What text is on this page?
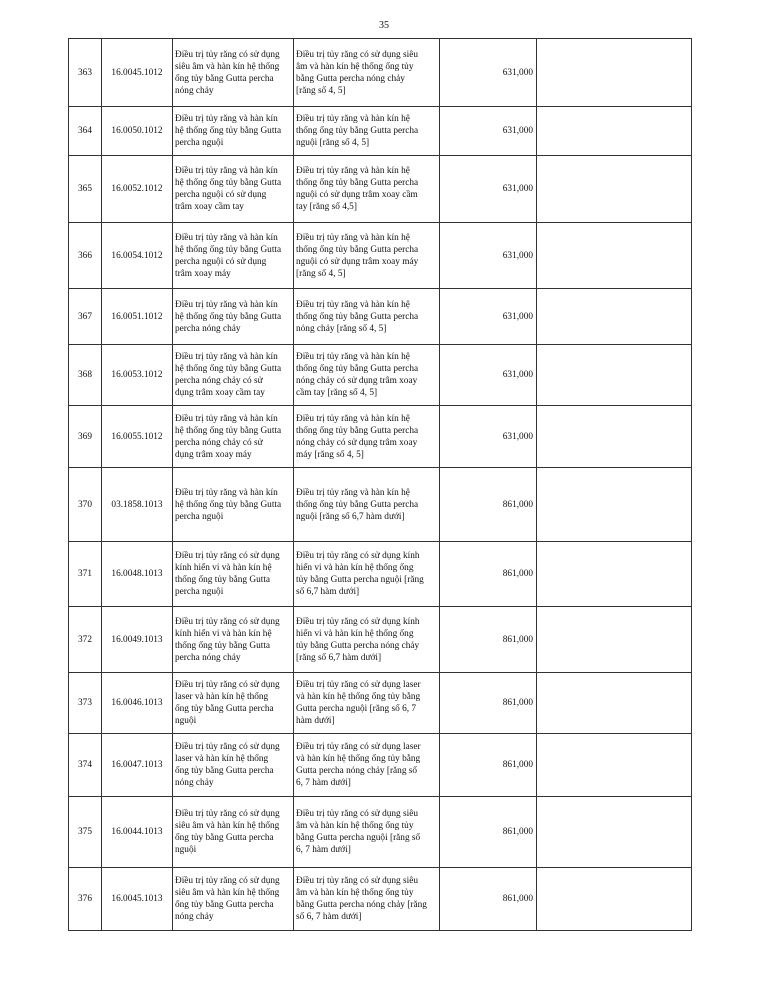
35
363	16.0045.1012	Điều trị tủy răng có sử dụng
siêu âm và hàn kín hệ thống
ống tủy bằng Gutta percha
nóng chảy	Điều trị tủy răng có sử dụng siêu
âm và hàn kín hệ thống ống tủy
bằng Gutta percha nóng chảy
[răng số 4, 5]	631,000	
364	16.0050.1012	Điều trị tủy răng và hàn kín
hệ thống ống tủy bằng Gutta
percha nguội	Điều trị tủy răng và hàn kín hệ
thống ống tủy bằng Gutta percha
nguội [răng số 4, 5]	631,000	
365	16.0052.1012	Điều trị tủy răng và hàn kín
hệ thống ống tủy bằng Gutta
percha nguội có sử dụng
trâm xoay cầm tay	Điều trị tủy răng và hàn kín hệ
thống ống tủy bằng Gutta percha
nguội có sử dụng trâm xoay cầm
tay [răng số 4,5]	631,000	
366	16.0054.1012	Điều trị tủy răng và hàn kín
hệ thống ống tủy bằng Gutta
percha nguội có sử dụng
trâm xoay máy	Điều trị tủy răng và hàn kín hệ
thống ống tủy bằng Gutta percha
nguội có sử dụng trâm xoay máy
[răng số 4, 5]	631,000	
367	16.0051.1012	Điều trị tủy răng và hàn kín
hệ thống ống tủy bằng Gutta
percha nóng chảy	Điều trị tủy răng và hàn kín hệ
thống ống tủy bằng Gutta percha
nóng chảy [răng số 4, 5]	631,000	
368	16.0053.1012	Điều trị tủy răng và hàn kín
hệ thống ống tủy bằng Gutta
percha nóng chảy có sử
dụng trâm xoay cầm tay	Điều trị tủy răng và hàn kín hệ
thống ống tủy bằng Gutta percha
nóng chảy có sử dụng trâm xoay
cầm tay [răng số 4, 5]	631,000	
369	16.0055.1012	Điều trị tủy răng và hàn kín
hệ thống ống tủy bằng Gutta
percha nóng chảy có sử
dụng trâm xoay máy	Điều trị tủy răng và hàn kín hệ
thống ống tủy bằng Gutta percha
nóng chảy có sử dụng trâm xoay
máy [răng số 4, 5]	631,000	
370	03.1858.1013	Điều trị tủy răng và hàn kín
hệ thống ống tủy bằng Gutta
percha nguội	Điều trị tủy răng và hàn kín hệ
thống ống tủy bằng Gutta percha
nguội [răng số 6,7 hàm dưới]	861,000	
371	16.0048.1013	Điều trị tủy răng có sử dụng
kính hiển vi và hàn kín hệ
thống ống tủy bằng Gutta
percha nguội	Điều trị tủy răng có sử dụng kính
hiển vi và hàn kín hệ thống ống
tủy bằng Gutta percha nguội [răng
số 6,7 hàm dưới]	861,000	
372	16.0049.1013	Điều trị tủy răng có sử dụng
kính hiển vi và hàn kín hệ
thống ống tủy bằng Gutta
percha nóng chảy	Điều trị tủy răng có sử dụng kính
hiển vi và hàn kín hệ thống ống
tủy bằng Gutta percha nóng chảy
[răng số 6,7 hàm dưới]	861,000	
373	16.0046.1013	Điều trị tủy răng có sử dụng
laser và hàn kín hệ thống
ống tủy bằng Gutta percha
nguội	Điều trị tủy răng có sử dụng laser
và hàn kín hệ thống ống tủy bằng
Gutta percha nguội [răng số 6, 7
hàm dưới]	861,000	
374	16.0047.1013	Điều trị tủy răng có sử dụng
laser và hàn kín hệ thống
ống tủy bằng Gutta percha
nóng chảy	Điều trị tủy răng có sử dụng laser
và hàn kín hệ thống ống tủy bằng
Gutta percha nóng chảy [răng số
6, 7 hàm dưới]	861,000	
375	16.0044.1013	Điều trị tủy răng có sử dụng
siêu âm và hàn kín hệ thống
ống tủy bằng Gutta percha
nguội	Điều trị tủy răng có sử dụng siêu
âm và hàn kín hệ thống ống tủy
bằng Gutta percha nguội [răng số
6, 7 hàm dưới]	861,000	
376	16.0045.1013	Điều trị tủy răng có sử dụng
siêu âm và hàn kín hệ thống
ống tủy bằng Gutta percha
nóng chảy	Điều trị tủy răng có sử dụng siêu
âm và hàn kín hệ thống ống tủy
bằng Gutta percha nóng chảy [răng
số 6, 7 hàm dưới]	861,000	
